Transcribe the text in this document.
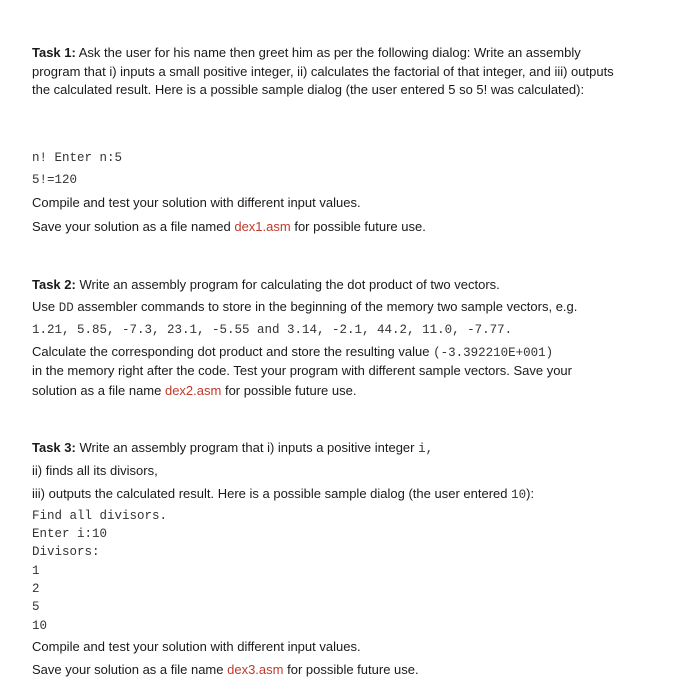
Task 1: Ask the user for his name then greet him as per the following dialog: Write an assembly program that i) inputs a small positive integer, ii) calculates the factorial of that integer, and iii) outputs the calculated result. Here is a possible sample dialog (the user entered 5 so 5! was calculated):

n! Enter n:5
5!=120

Compile and test your solution with different input values.

Save your solution as a file named dex1.asm for possible future use.

Task 2: Write an assembly program for calculating the dot product of two vectors.

Use DD assembler commands to store in the beginning of the memory two sample vectors, e.g.

1.21, 5.85, -7.3, 23.1, -5.55 and 3.14, -2.1, 44.2, 11.0, -7.77.

Calculate the corresponding dot product and store the resulting value (-3.392210E+001)

in the memory right after the code. Test your program with different sample vectors. Save your

solution as a file name dex2.asm for possible future use.

Task 3: Write an assembly program that i) inputs a positive integer i,

ii) finds all its divisors,

iii) outputs the calculated result. Here is a possible sample dialog (the user entered 10):

Find all divisors.
Enter i:10
Divisors:
1
2
5
10

Compile and test your solution with different input values.

Save your solution as a file name dex3.asm for possible future use.
